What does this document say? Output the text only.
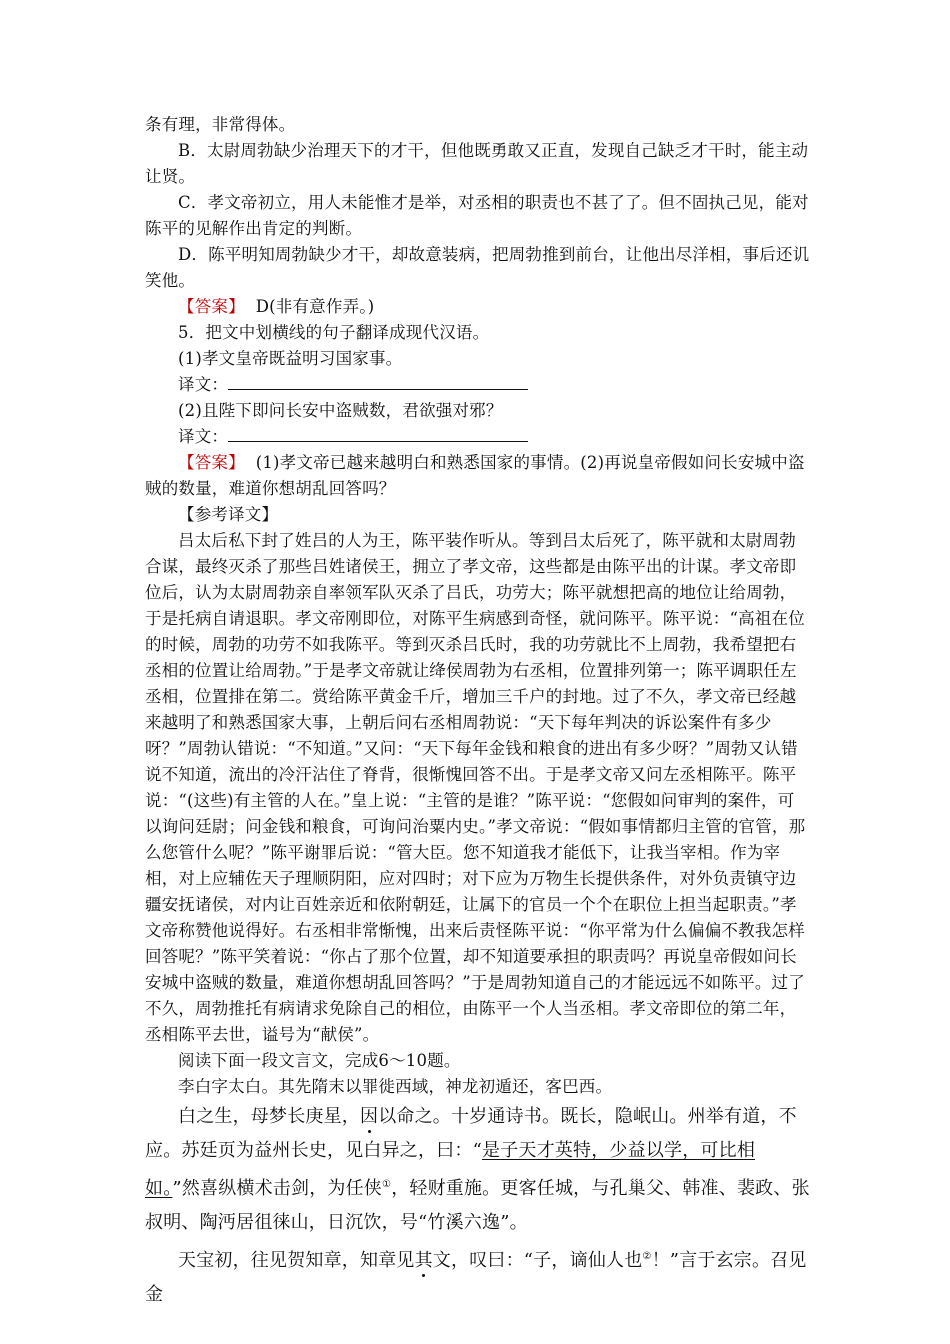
条有理，非常得体。

B．太尉周勃缺少治理天下的才干，但他既勇敢又正直，发现自己缺乏才干时，能主动让贤。

C．孝文帝初立，用人未能惟才是举，对丞相的职责也不甚了了。但不固执己见，能对陈平的见解作出肯定的判断。

D．陈平明知周勃缺少才干，却故意装病，把周勃推到前台，让他出尽洋相，事后还讥笑他。

【答案】 D(非有意作弄。)

5．把文中划横线的句子翻译成现代汉语。

(1)孝文皇帝既益明习国家事。

译文：

(2)且陛下即问长安中盗贼数，君欲强对邪？

译文：

【答案】 (1)孝文帝已越来越明白和熟悉国家的事情。(2)再说皇帝假如问长安城中盗贼的数量，难道你想胡乱回答吗？

【参考译文】

吕太后私下封了姓吕的人为王，陈平装作听从。等到吕太后死了，陈平就和太尉周勃合谋，最终灭杀了那些吕姓诸侯王，拥立了孝文帝，这些都是由陈平出的计谋。孝文帝即位后，认为太尉周勃亲自率领军队灭杀了吕氏，功劳大；陈平就想把高的地位让给周勃，于是托病自请退职。孝文帝刚即位，对陈平生病感到奇怪，就问陈平。陈平说：“高祖在位的时候，周勃的功劳不如我陈平。等到灭杀吕氏时，我的功劳就比不上周勃，我希望把右丞相的位置让给周勃。”于是孝文帝就让绛侯周勃为右丞相，位置排列第一；陈平调职任左丞相，位置排在第二。赏给陈平黄金千斤，增加三千户的封地。过了不久，孝文帝已经越来越明了和熟悉国家大事，上朝后问右丞相周勃说：“天下每年判决的诉讼案件有多少呀？”周勃认错说：“不知道。”又问：“天下每年金钱和粮食的进出有多少呀？”周勃又认错说不知道，流出的冷汗沾住了脊背，很惭愧回答不出。于是孝文帝又问左丞相陈平。陈平说：“(这些)有主管的人在。”皇上说：“主管的是谁？”陈平说：“您假如问审判的案件，可以询问廷尉；问金钱和粮食，可询问治粟内史。”孝文帝说：“假如事情都归主管的官管，那么您管什么呢？”陈平谢罪后说：“管大臣。您不知道我才能低下，让我当宰相。作为宰相，对上应辅佐天子理顺阴阳，应对四时；对下应为万物生长提供条件，对外负责镇守边疆安抚诸侯，对内让百姓亲近和依附朝廷，让属下的官员一个个在职位上担当起职责。”孝文帝称赞他说得好。右丞相非常惭愧，出来后责怪陈平说：“你平常为什么偏偏不教我怎样回答呢？”陈平笑着说：“你占了那个位置，却不知道要承担的职责吗？再说皇帝假如问长安城中盗贼的数量，难道你想胡乱回答吗？”于是周勃知道自己的才能远远不如陈平。过了不久，周勃推托有病请求免除自己的相位，由陈平一个人当丞相。孝文帝即位的第二年，丞相陈平去世，谥号为“献侯”。

阅读下面一段文言文，完成6～10题。

李白字太白。其先隋末以罪徙西域，神龙初遁还，客巴西。

白之生，母梦长庚星，因以命之。十岁通诗书。既长，隐岷山。州举有道，不应。苏廷页为益州长史，见白异之，曰：“是子天才英特，少益以学，可比相如。”然喜纵横术击剑，为任侠①，轻财重施。更客任城，与孔巢父、韩准、裴政、张叔明、陶沔居徂徕山，日沉饮，号“竹溪六逸”。

天宝初，往见贺知章，知章见其文，叹曰：“子，谪仙人也②！”言于玄宗。召见金
